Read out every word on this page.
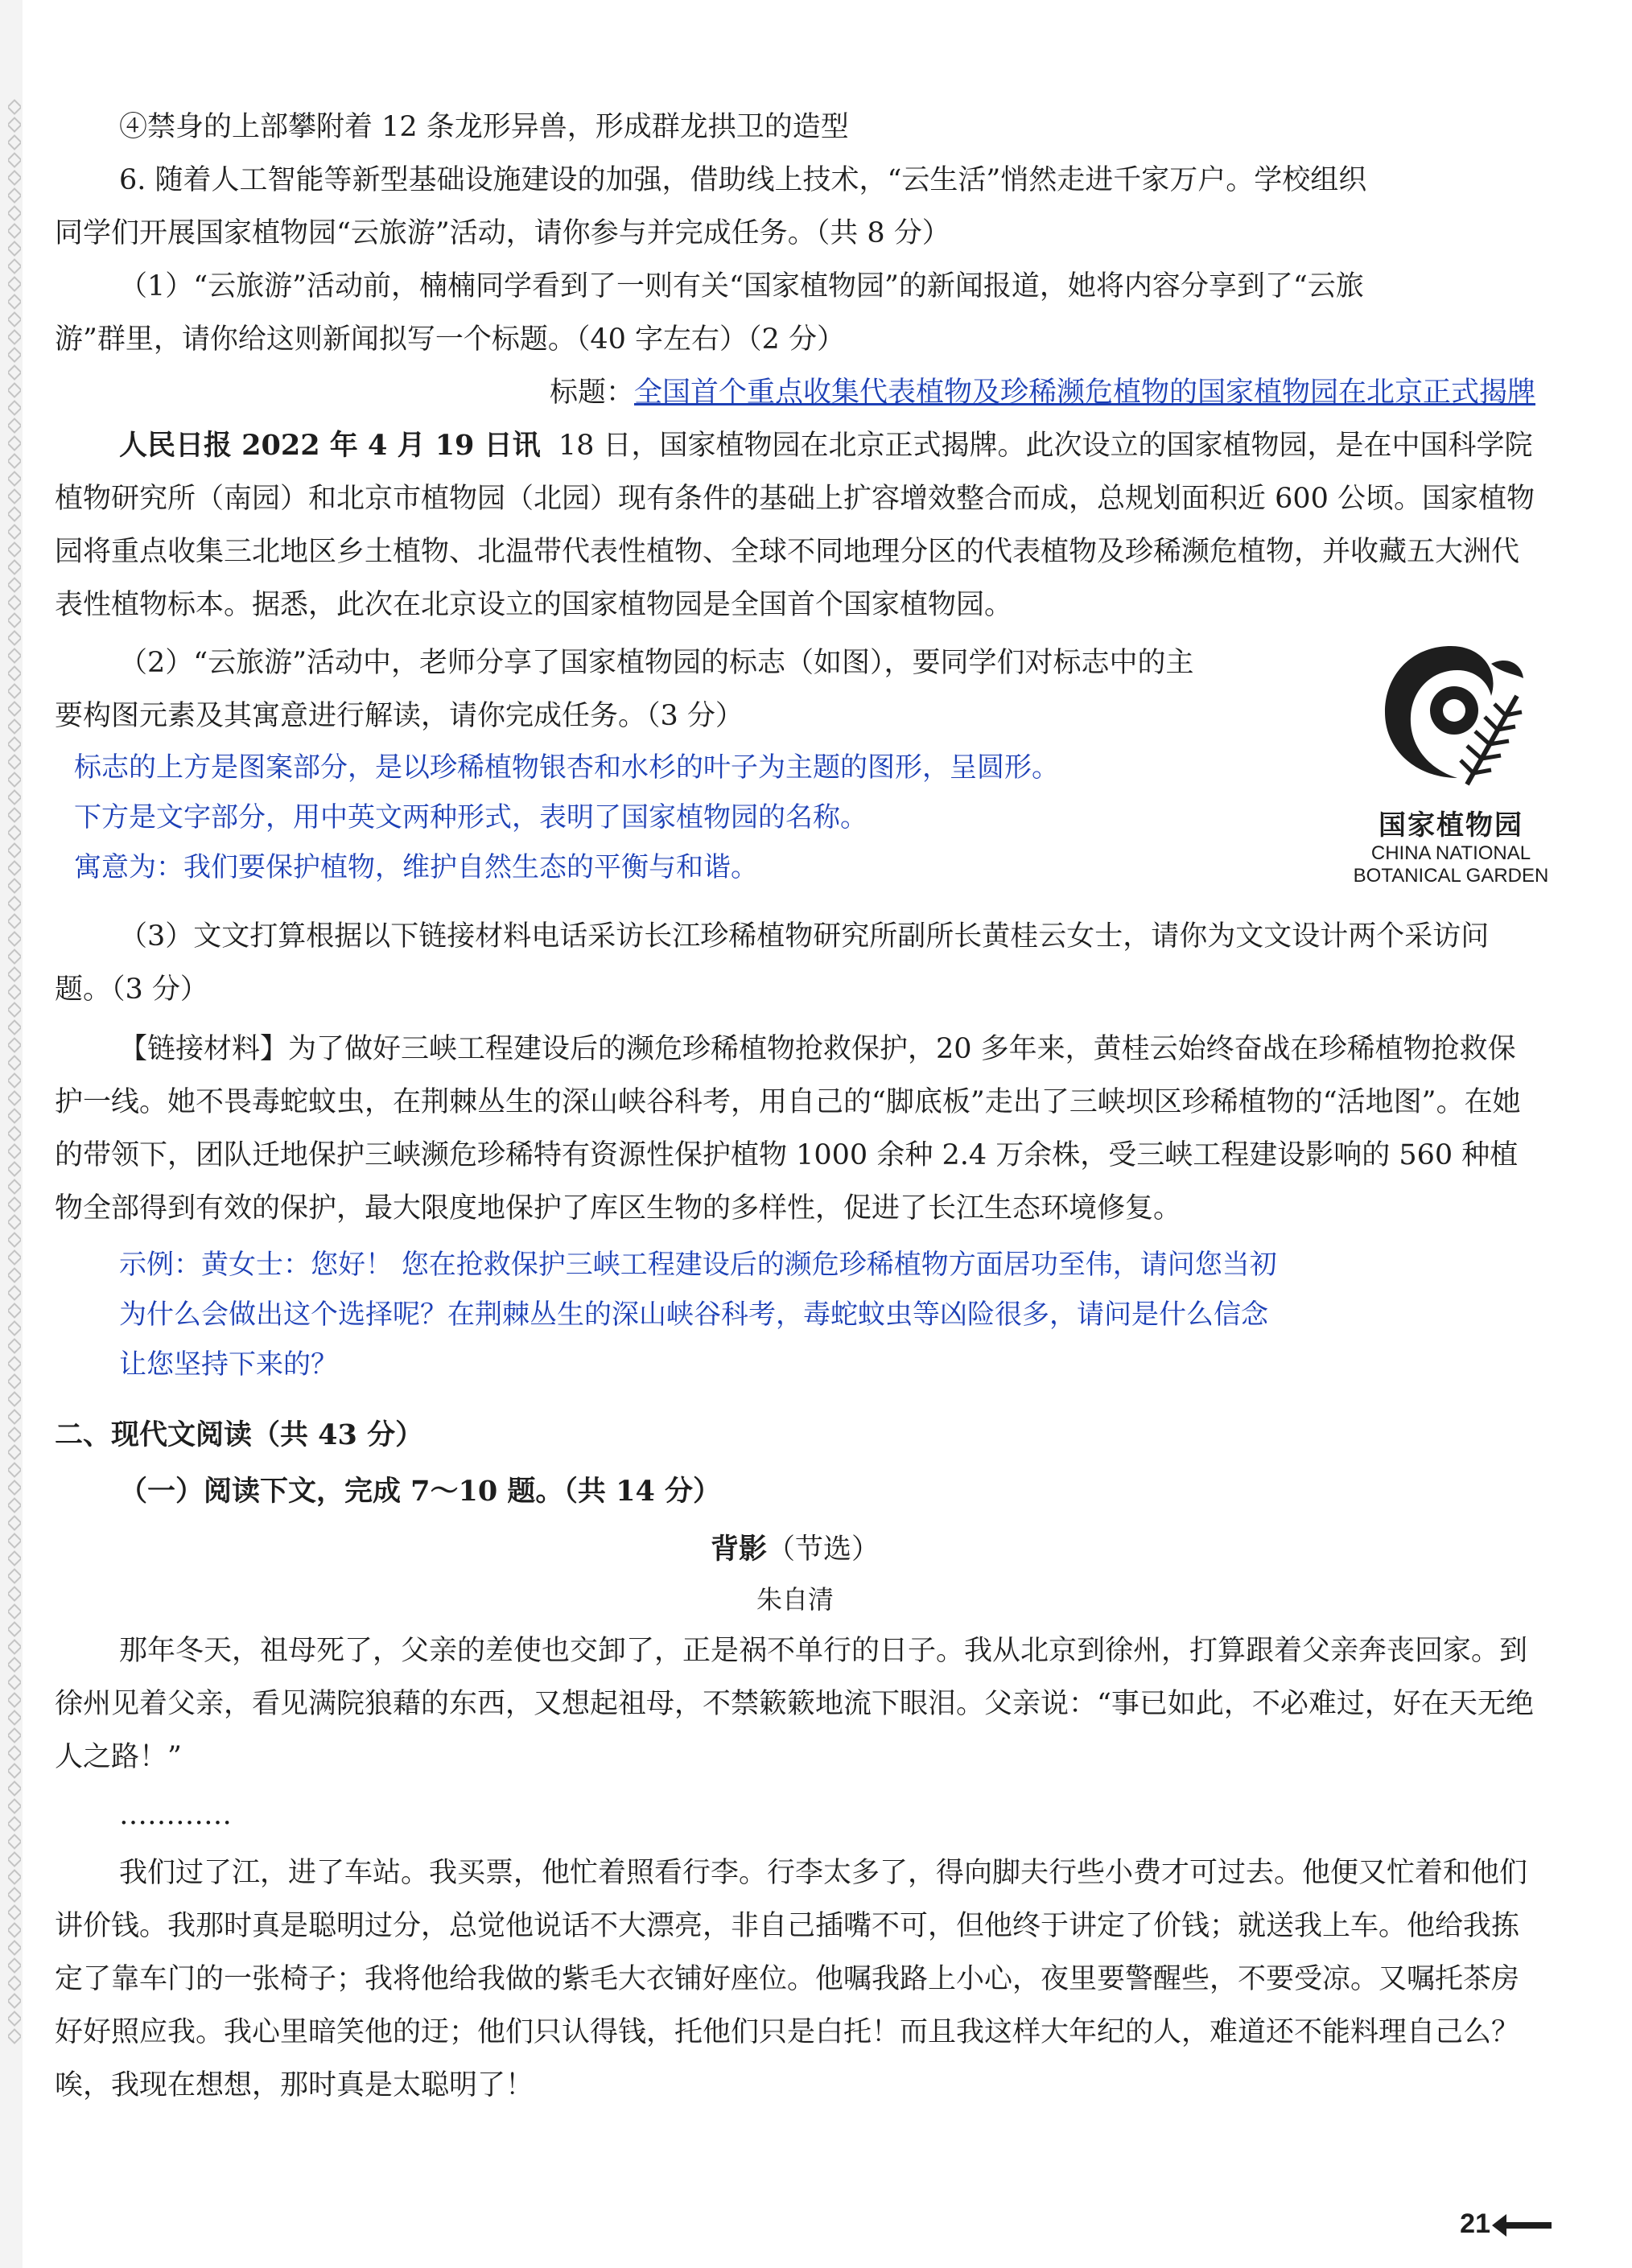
④禁身的上部攀附着 12 条龙形异兽，形成群龙拱卫的造型

6. 随着人工智能等新型基础设施建设的加强，借助线上技术，“云生活”悄然走进千家万户。学校组织

同学们开展国家植物园“云旅游”活动，请你参与并完成任务。（共 8 分）

（1）“云旅游”活动前，楠楠同学看到了一则有关“国家植物园”的新闻报道，她将内容分享到了“云旅

游”群里，请你给这则新闻拟写一个标题。（40 字左右）（2 分）

标题：全国首个重点收集代表植物及珍稀濒危植物的国家植物园在北京正式揭牌

人民日报 2022 年 4 月 19 日讯 18 日，国家植物园在北京正式揭牌。此次设立的国家植物园，是在中国科学院植物研究所（南园）和北京市植物园（北园）现有条件的基础上扩容增效整合而成，总规划面积近 600 公顷。国家植物园将重点收集三北地区乡土植物、北温带代表性植物、全球不同地理分区的代表植物及珍稀濒危植物，并收藏五大洲代表性植物标本。据悉，此次在北京设立的国家植物园是全国首个国家植物园。

（2）“云旅游”活动中，老师分享了国家植物园的标志（如图），要同学们对标志中的主

要构图元素及其寓意进行解读，请你完成任务。（3 分）

标志的上方是图案部分，是以珍稀植物银杏和水杉的叶子为主题的图形，呈圆形。

下方是文字部分，用中英文两种形式，表明了国家植物园的名称。

寓意为：我们要保护植物，维护自然生态的平衡与和谐。

国家植物园
CHINA NATIONAL
BOTANICAL GARDEN

（3）文文打算根据以下链接材料电话采访长江珍稀植物研究所副所长黄桂云女士，请你为文文设计两个采访问题。（3 分）

【链接材料】为了做好三峡工程建设后的濒危珍稀植物抢救保护，20 多年来，黄桂云始终奋战在珍稀植物抢救保护一线。她不畏毒蛇蚊虫，在荆棘丛生的深山峡谷科考，用自己的“脚底板”走出了三峡坝区珍稀植物的“活地图”。在她的带领下，团队迁地保护三峡濒危珍稀特有资源性保护植物 1000 余种 2.4 万余株，受三峡工程建设影响的 560 种植物全部得到有效的保护，最大限度地保护了库区生物的多样性，促进了长江生态环境修复。

示例：黄女士：您好！ 您在抢救保护三峡工程建设后的濒危珍稀植物方面居功至伟，请问您当初

为什么会做出这个选择呢？在荆棘丛生的深山峡谷科考，毒蛇蚊虫等凶险很多，请问是什么信念

让您坚持下来的？

二、现代文阅读（共 43 分）

（一）阅读下文，完成 7～10 题。（共 14 分）

背影（节选）

朱自清

那年冬天，祖母死了，父亲的差使也交卸了，正是祸不单行的日子。我从北京到徐州，打算跟着父亲奔丧回家。到徐州见着父亲，看见满院狼藉的东西，又想起祖母，不禁簌簌地流下眼泪。父亲说：“事已如此，不必难过，好在天无绝人之路！”

…………

我们过了江，进了车站。我买票，他忙着照看行李。行李太多了，得向脚夫行些小费才可过去。他便又忙着和他们讲价钱。我那时真是聪明过分，总觉他说话不大漂亮，非自己插嘴不可，但他终于讲定了价钱；就送我上车。他给我拣定了靠车门的一张椅子；我将他给我做的紫毛大衣铺好座位。他嘱我路上小心，夜里要警醒些，不要受凉。又嘱托茶房好好照应我。我心里暗笑他的迂；他们只认得钱，托他们只是白托！而且我这样大年纪的人，难道还不能料理自己么？唉，我现在想想，那时真是太聪明了！

21
